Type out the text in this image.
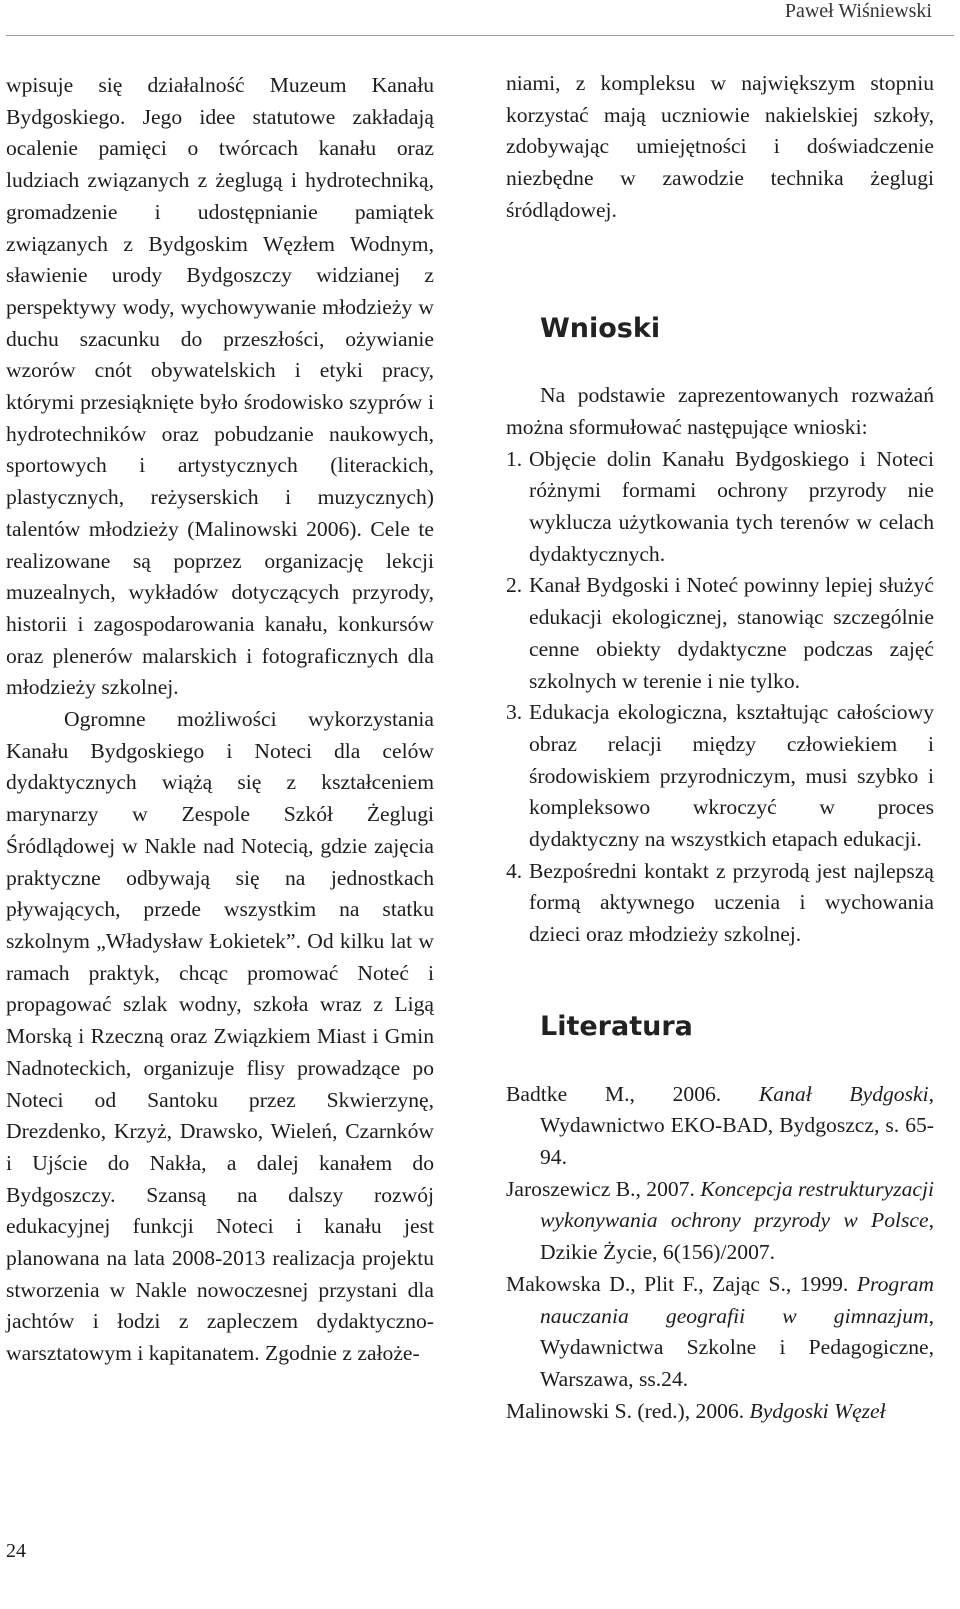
Paweł Wiśniewski

wpisuje się działalność Muzeum Kanału Bydgoskiego. Jego idee statutowe zakładają ocalenie pamięci o twórcach kanału oraz ludziach związanych z żeglugą i hydrotechniką, gromadzenie i udostępnianie pamiątek związanych z Bydgoskim Węzłem Wodnym, sławienie urody Bydgoszczy widzianej z perspektywy wody, wychowywanie młodzieży w duchu szacunku do przeszłości, ożywianie wzorów cnót obywatelskich i etyki pracy, którymi przesiąknięte było środowisko szyprów i hydrotechników oraz pobudzanie naukowych, sportowych i artystycznych (literackich, plastycznych, reżyserskich i muzycznych) talentów młodzieży (Malinowski 2006). Cele te realizowane są poprzez organizację lekcji muzealnych, wykładów dotyczących przyrody, historii i zagospodarowania kanału, konkursów oraz plenerów malarskich i fotograficznych dla młodzieży szkolnej.

Ogromne możliwości wykorzystania Kanału Bydgoskiego i Noteci dla celów dydaktycznych wiążą się z kształceniem marynarzy w Zespole Szkół Żeglugi Śródlądowej w Nakle nad Notecią, gdzie zajęcia praktyczne odbywają się na jednostkach pływających, przede wszystkim na statku szkolnym „Władysław Łokietek”. Od kilku lat w ramach praktyk, chcąc promować Noteć i propagować szlak wodny, szkoła wraz z Ligą Morską i Rzeczną oraz Związkiem Miast i Gmin Nadnoteckich, organizuje flisy prowadzące po Noteci od Santoku przez Skwierzynę, Drezdenko, Krzyż, Drawsko, Wieleń, Czarnków i Ujście do Nakła, a dalej kanałem do Bydgoszczy. Szansą na dalszy rozwój edukacyjnej funkcji Noteci i kanału jest planowana na lata 2008-2013 realizacja projektu stworzenia w Nakle nowoczesnej przystani dla jachtów i łodzi z zapleczem dydaktyczno-warsztatowym i kapitanatem. Zgodnie z założe-

niami, z kompleksu w największym stopniu korzystać mają uczniowie nakielskiej szkoły, zdobywając umiejętności i doświadczenie niezbędne w zawodzie technika żeglugi śródlądowej.

Wnioski

Na podstawie zaprezentowanych rozważań można sformułować następujące wnioski:

1. Objęcie dolin Kanału Bydgoskiego i Noteci różnymi formami ochrony przyrody nie wyklucza użytkowania tych terenów w celach dydaktycznych.
2. Kanał Bydgoski i Noteć powinny lepiej służyć edukacji ekologicznej, stanowiąc szczególnie cenne obiekty dydaktyczne podczas zajęć szkolnych w terenie i nie tylko.
3. Edukacja ekologiczna, kształtując całościowy obraz relacji między człowiekiem i środowiskiem przyrodniczym, musi szybko i kompleksowo wkroczyć w proces dydaktyczny na wszystkich etapach edukacji.
4. Bezpośredni kontakt z przyrodą jest najlepszą formą aktywnego uczenia i wychowania dzieci oraz młodzieży szkolnej.
Literatura
Badtke M., 2006. Kanał Bydgoski, Wydawnictwo EKO-BAD, Bydgoszcz, s. 65-94.
Jaroszewicz B., 2007. Koncepcja restrukturyzacji wykonywania ochrony przyrody w Polsce, Dzikie Życie, 6(156)/2007.
Makowska D., Plit F., Zając S., 1999. Program nauczania geografii w gimnazjum, Wydawnictwa Szkolne i Pedagogiczne, Warszawa, ss.24.
Malinowski S. (red.), 2006. Bydgoski Węzeł
24
